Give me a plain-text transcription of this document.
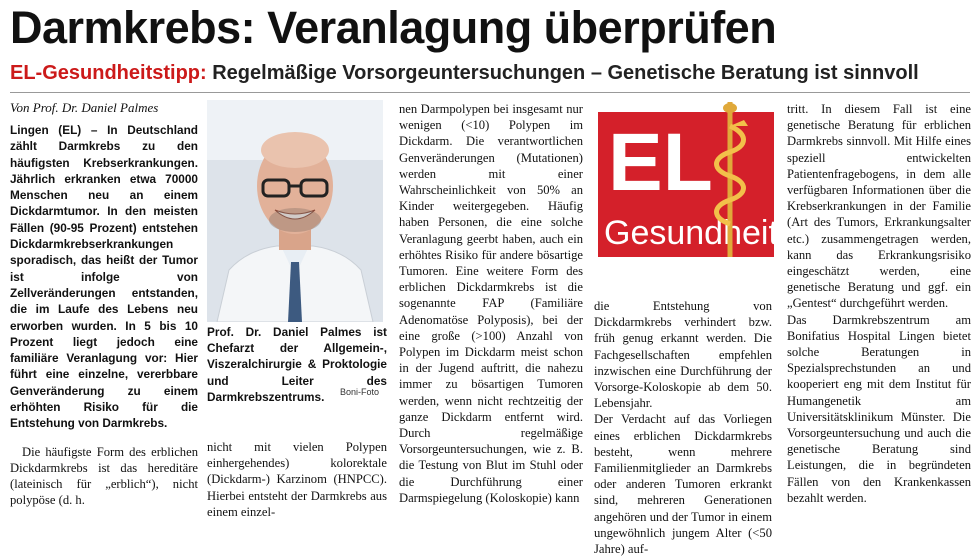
Darmkrebs: Veranlagung überprüfen
EL-Gesundheitstipp: Regelmäßige Vorsorgeuntersuchungen – Genetische Beratung ist sinnvoll
Von Prof. Dr. Daniel Palmes

Lingen (EL) – In Deutschland zählt Darmkrebs zu den häufigsten Krebserkrankungen. Jährlich erkranken etwa 70000 Menschen neu an einem Dickdarmtumor. In den meisten Fällen (90-95 Prozent) entstehen Dickdarmkrebserkrankungen sporadisch, das heißt der Tumor ist infolge von Zellveränderungen entstanden, die im Laufe des Lebens neu erworben wurden. In 5 bis 10 Prozent liegt jedoch eine familiäre Veranlagung vor: Hier führt eine einzelne, vererbbare Genveränderung zu einem erhöhten Risiko für die Entstehung von Darmkrebs.

Die häufigste Form des erblichen Dickdarmkrebs ist das hereditäre (lateinisch für „erblich“), nicht polypöse (d. h.

Prof. Dr. Daniel Palmes ist Chefarzt der Allgemein-, Viszeralchirurgie & Proktologie und Leiter des Darmkrebszentrums.	Boni-Foto

nicht mit vielen Polypen einhergehendes) kolorektale (Dickdarm-) Karzinom (HNPCC). Hierbei entsteht der Darmkrebs aus einem einzel-

nen Darmpolypen bei insgesamt nur wenigen (<10) Polypen im Dickdarm. Die verantwortlichen Genveränderungen (Mutationen) werden mit einer Wahrscheinlichkeit von 50% an Kinder weitergegeben. Häufig haben Personen, die eine solche Veranlagung geerbt haben, auch ein erhöhtes Risiko für andere bösartige Tumoren. Eine weitere Form des erblichen Dickdarmkrebs ist die sogenannte FAP (Familiäre Adenomatöse Polyposis), bei der eine große (>100) Anzahl von Polypen im Dickdarm meist schon in der Jugend auftritt, die nahezu immer zu bösartigen Tumoren werden, wenn nicht rechtzeitig der ganze Dickdarm entfernt wird. Durch regelmäßige Vorsorgeuntersuchungen, wie z. B. die Testung von Blut im Stuhl oder die Durchführung einer Darmspiegelung (Koloskopie) kann

EL
Gesundheit

die Entstehung von Dickdarmkrebs verhindert bzw. früh genug erkannt werden. Die Fachgesellschaften empfehlen inzwischen eine Durchführung der Vorsorge-Koloskopie ab dem 50. Lebensjahr.

Der Verdacht auf das Vorliegen eines erblichen Dickdarmkrebs besteht, wenn mehrere Familienmitglieder an Darmkrebs oder anderen Tumoren erkrankt sind, mehreren Generationen angehören und der Tumor in einem ungewöhnlich jungem Alter (<50 Jahre) auf-

tritt. In diesem Fall ist eine genetische Beratung für erblichen Darmkrebs sinnvoll. Mit Hilfe eines speziell entwickelten Patientenfragebogens, in dem alle verfügbaren Informationen über die Krebserkrankungen in der Familie (Art des Tumors, Erkrankungsalter etc.) zusammengetragen werden, kann das Erkrankungsrisiko eingeschätzt werden, eine genetische Beratung und ggf. ein „Gentest“ durchgeführt werden.

Das Darmkrebszentrum am Bonifatius Hospital Lingen bietet solche Beratungen in Spezialsprechstunden an und kooperiert eng mit dem Institut für Humangenetik am Universitätsklinikum Münster. Die Vorsorgeuntersuchung und auch die genetische Beratung sind Leistungen, die in begründeten Fällen von den Krankenkassen bezahlt werden.
